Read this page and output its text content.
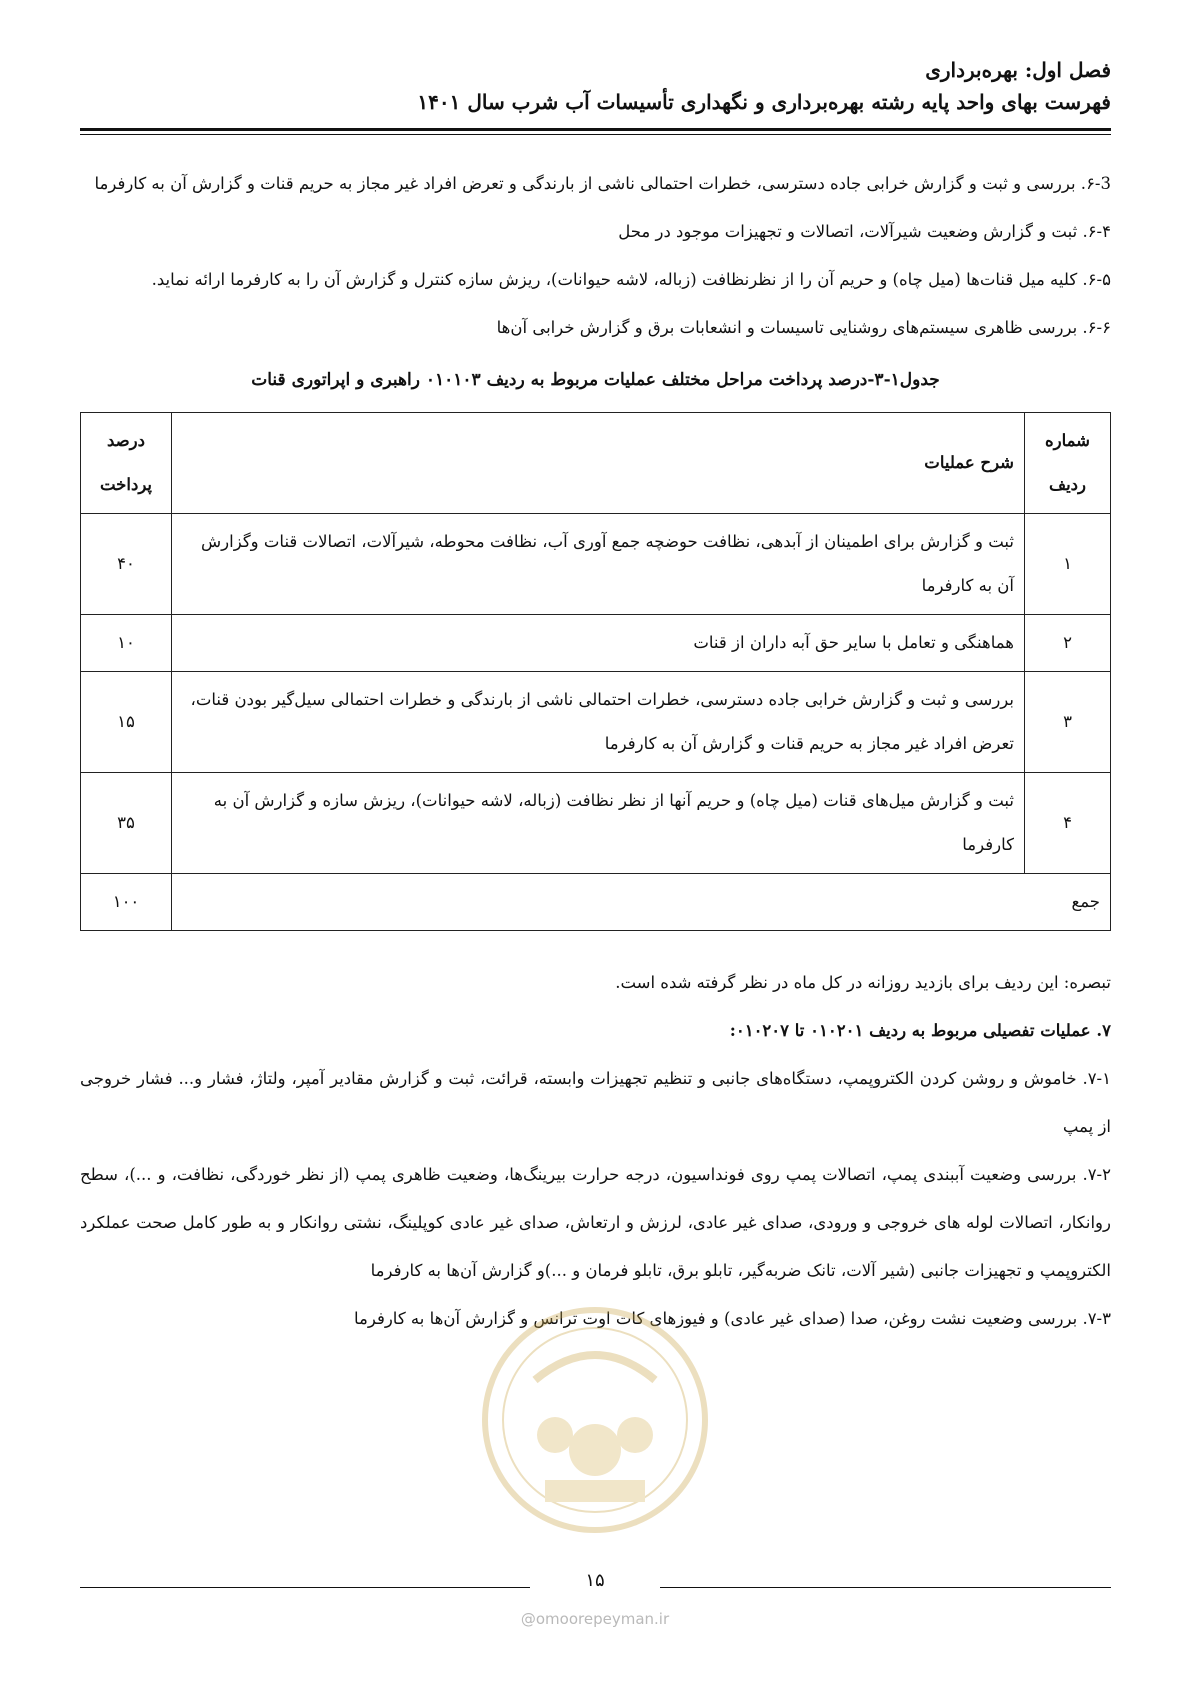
فصل اول: بهره‌برداری
فهرست بهای واحد پایه رشته بهره‌برداری و نگهداری تأسیسات آب شرب سال ۱۴۰۱

۶-3. بررسی و ثبت و گزارش خرابی جاده دسترسی، خطرات احتمالی ناشی از بارندگی و تعرض افراد غیر مجاز به حریم قنات و گزارش آن به کارفرما

۶-۴. ثبت و گزارش وضعیت شیرآلات، اتصالات و تجهیزات موجود در محل

۶-۵. کلیه میل قنات‌ها (میل چاه) و حریم آن را از نظرنظافت (زباله، لاشه حیوانات)، ریزش سازه کنترل و گزارش آن را به کارفرما ارائه نماید.

۶-۶. بررسی ظاهری سیستم‌های روشنایی تاسیسات و انشعابات برق و گزارش خرابی آن‌ها

جدول۱-۳-درصد پرداخت مراحل مختلف عملیات مربوط به ردیف ۰۱۰۱۰۳ راهبری و اپراتوری قنات
شماره ردیف	شرح عملیات	درصد پرداخت
۱	ثبت و گزارش برای اطمینان از آبدهی، نظافت حوضچه جمع آوری آب، نظافت محوطه، شیرآلات، اتصالات قنات وگزارش آن به کارفرما	۴۰
۲	هماهنگی و تعامل با سایر حق آبه داران از قنات	۱۰
۳	بررسی و ثبت و گزارش خرابی جاده دسترسی، خطرات احتمالی ناشی از بارندگی و خطرات احتمالی سیل‌گیر بودن قنات، تعرض افراد غیر مجاز به حریم قنات و گزارش آن به کارفرما	۱۵
۴	ثبت و گزارش میل‌های قنات (میل چاه) و حریم آنها از نظر نظافت (زباله، لاشه حیوانات)، ریزش سازه و گزارش آن به کارفرما	۳۵
جمع		۱۰۰

تبصره: این ردیف برای بازدید روزانه در کل ماه در نظر گرفته شده است.

۷. عملیات تفصیلی مربوط به ردیف ۰۱۰۲۰۱ تا ۰۱۰۲۰۷:

۷-۱. خاموش و روشن کردن الکتروپمپ، دستگاه‌های جانبی و تنظیم تجهیزات وابسته، قرائت، ثبت و گزارش مقادیر آمپر، ولتاژ، فشار و... فشار خروجی از پمپ

۷-۲. بررسی وضعیت آببندی پمپ، اتصالات پمپ روی فونداسیون، درجه حرارت بیرینگ‌ها، وضعیت ظاهری پمپ (از نظر خوردگی، نظافت، و ...)، سطح روانکار، اتصالات لوله های خروجی و ورودی، صدای غیر عادی، لرزش و ارتعاش، صدای غیر عادی کوپلینگ، نشتی روانکار و به طور کامل صحت عملکرد الکتروپمپ و تجهیزات جانبی (شیر آلات، تانک ضربه‌گیر، تابلو برق، تابلو فرمان و ...)و گزارش آن‌ها به کارفرما

۷-۳. بررسی وضعیت نشت روغن، صدا (صدای غیر عادی) و فیوزهای کات اوت ترانس و گزارش آن‌ها به کارفرما

۱۵
@omoorepeyman.ir
